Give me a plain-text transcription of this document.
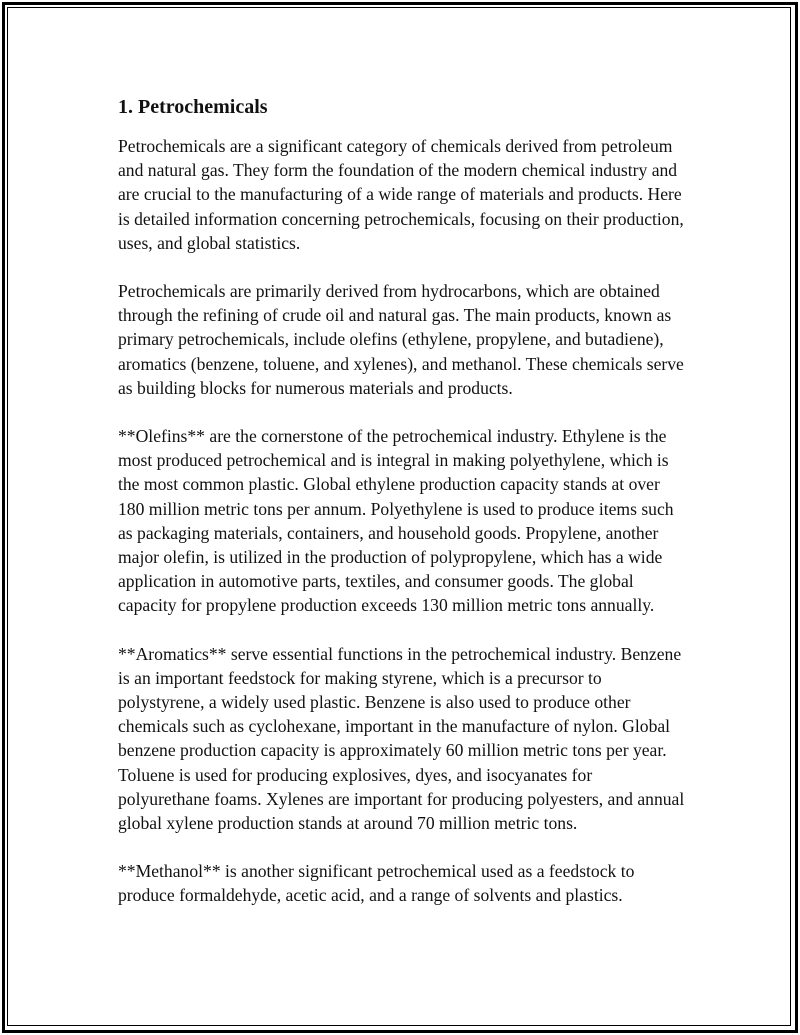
1. Petrochemicals

Petrochemicals are a significant category of chemicals derived from petroleum and natural gas. They form the foundation of the modern chemical industry and are crucial to the manufacturing of a wide range of materials and products. Here is detailed information concerning petrochemicals, focusing on their production, uses, and global statistics.

Petrochemicals are primarily derived from hydrocarbons, which are obtained through the refining of crude oil and natural gas. The main products, known as primary petrochemicals, include olefins (ethylene, propylene, and butadiene), aromatics (benzene, toluene, and xylenes), and methanol. These chemicals serve as building blocks for numerous materials and products.

**Olefins** are the cornerstone of the petrochemical industry. Ethylene is the most produced petrochemical and is integral in making polyethylene, which is the most common plastic. Global ethylene production capacity stands at over 180 million metric tons per annum. Polyethylene is used to produce items such as packaging materials, containers, and household goods. Propylene, another major olefin, is utilized in the production of polypropylene, which has a wide application in automotive parts, textiles, and consumer goods. The global capacity for propylene production exceeds 130 million metric tons annually.

**Aromatics** serve essential functions in the petrochemical industry. Benzene is an important feedstock for making styrene, which is a precursor to polystyrene, a widely used plastic. Benzene is also used to produce other chemicals such as cyclohexane, important in the manufacture of nylon. Global benzene production capacity is approximately 60 million metric tons per year. Toluene is used for producing explosives, dyes, and isocyanates for polyurethane foams. Xylenes are important for producing polyesters, and annual global xylene production stands at around 70 million metric tons.

**Methanol** is another significant petrochemical used as a feedstock to produce formaldehyde, acetic acid, and a range of solvents and plastics.
